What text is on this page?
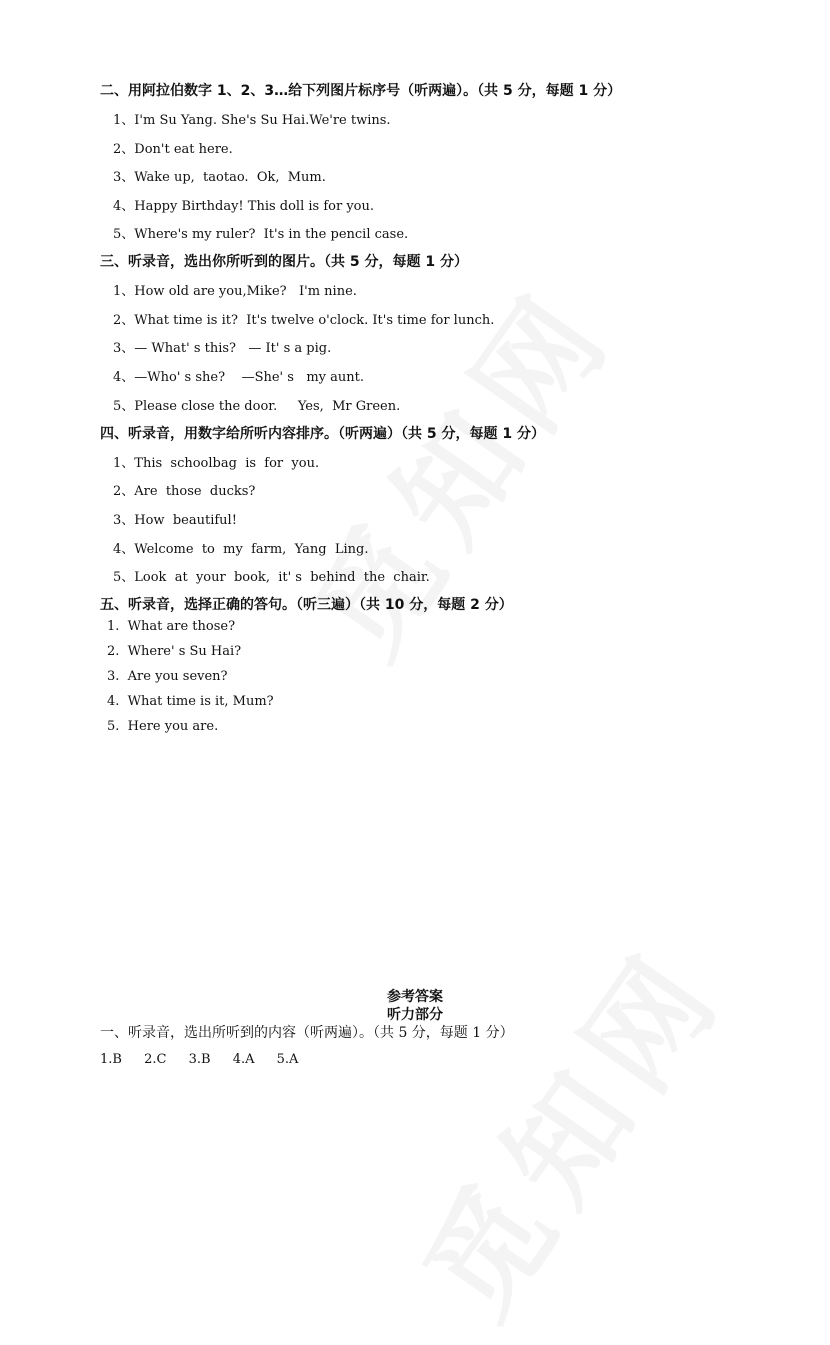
二、用阿拉伯数字 1、2、3…给下列图片标序号（听两遍）。（共 5 分，每题 1 分）
1、I'm Su Yang. She's Su Hai.We're twins.
2、Don't eat here.
3、Wake up,  taotao.  Ok,  Mum.
4、Happy Birthday! This doll is for you.
5、Where's my ruler?  It's in the pencil case.
三、听录音，选出你所听到的图片。（共 5 分，每题 1 分）
1、How old are you,Mike?   I'm nine.
2、What time is it?  It's twelve o'clock. It's time for lunch.
3、— What' s this?   — It' s a pig.
4、—Who' s she?    —She' s   my aunt.
5、Please close the door.     Yes,  Mr Green.
四、听录音，用数字给所听内容排序。（听两遍）（共 5 分，每题 1 分）
1、This  schoolbag  is  for  you.
2、Are  those  ducks?
3、How  beautiful!
4、Welcome  to  my  farm,  Yang  Ling.
5、Look  at  your  book,  it' s  behind  the  chair.
五、听录音，选择正确的答句。（听三遍）（共 10 分，每题 2 分）
1.  What are those?
2.  Where' s Su Hai?
3.  Are you seven?
4.  What time is it, Mum?
5.  Here you are.
参考答案
听力部分
一、听录音，选出所听到的内容（听两遍）。（共 5 分，每题 1 分）
1.B 2.C 3.B 4.A 5.A
